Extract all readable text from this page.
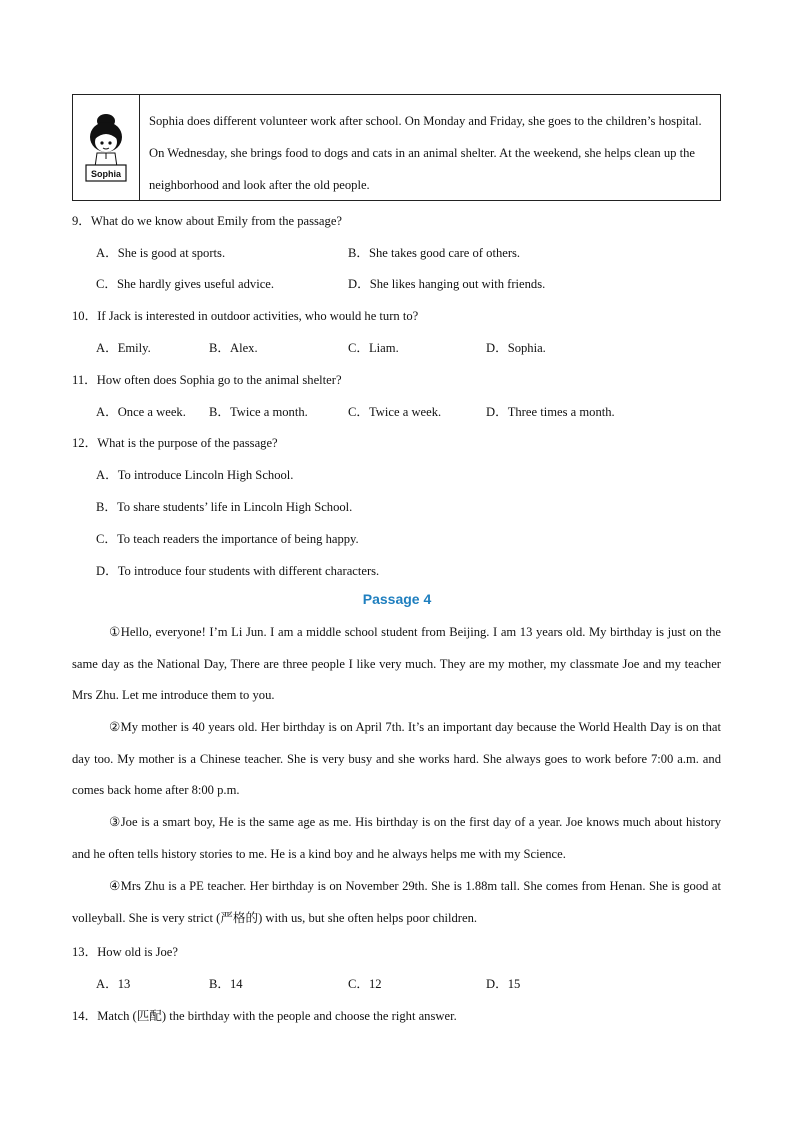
Sophia
Sophia does different volunteer work after school. On Monday and Friday, she goes to the children’s hospital. On Wednesday, she brings food to dogs and cats in an animal shelter. At the weekend, she helps clean up the neighborhood and look after the old people.
9．What do we know about Emily from the passage?
A．She is good at sports.	B．She takes good care of others.
C．She hardly gives useful advice.	D．She likes hanging out with friends.
10．If Jack is interested in outdoor activities, who would he turn to?
A．Emily.	B．Alex.	C．Liam.	D．Sophia.
11．How often does Sophia go to the animal shelter?
A．Once a week. B．Twice a month.	C．Twice a week.	D．Three times a month.
12．What is the purpose of the passage?
A．To introduce Lincoln High School.
B．To share students’ life in Lincoln High School.
C．To teach readers the importance of being happy.
D．To introduce four students with different characters.
Passage 4
①Hello, everyone! I’m Li Jun. I am a middle school student from Beijing. I am 13 years old. My birthday is just on the same day as the National Day, There are three people I like very much. They are my mother, my classmate Joe and my teacher Mrs Zhu. Let me introduce them to you.
②My mother is 40 years old. Her birthday is on April 7th. It’s an important day because the World Health Day is on that day too. My mother is a Chinese teacher. She is very busy and she works hard. She always goes to work before 7:00 a.m. and comes back home after 8:00 p.m.
③Joe is a smart boy, He is the same age as me. His birthday is on the first day of a year. Joe knows much about history and he often tells history stories to me. He is a kind boy and he always helps me with my Science.
④Mrs Zhu is a PE teacher. Her birthday is on November 29th. She is 1.88m tall. She comes from Henan. She is good at volleyball. She is very strict (严格的) with us, but she often helps poor children.
13．How old is Joe?
A．13	B．14	C．12	D．15
14．Match (匹配) the birthday with the people and choose the right answer.
